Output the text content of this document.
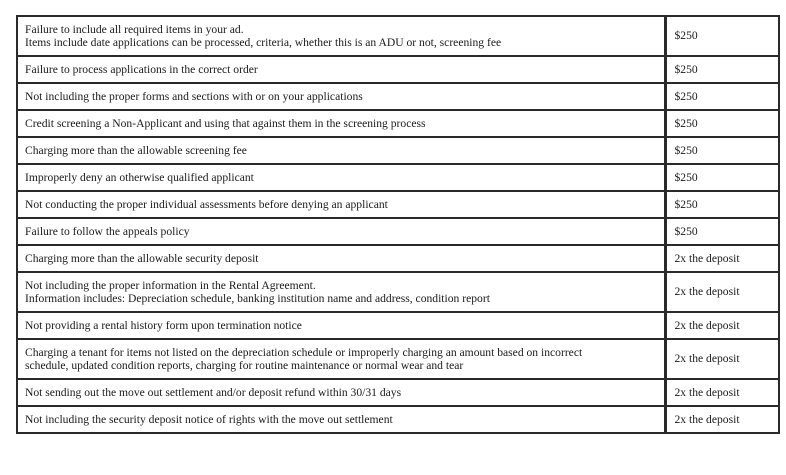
Failure to include all required items in your ad.
Items include date applications can be processed, criteria, whether this is an ADU or not, screening fee	$250

Failure to process applications in the correct order	$250

Not including the proper forms and sections with or on your applications	$250

Credit screening a Non-Applicant and using that against them in the screening process	$250

Charging more than the allowable screening fee	$250

Improperly deny an otherwise qualified applicant	$250

Not conducting the proper individual assessments before denying an applicant	$250

Failure to follow the appeals policy	$250

Charging more than the allowable security deposit	2x the deposit

Not including the proper information in the Rental Agreement.
Information includes: Depreciation schedule, banking institution name and address, condition report	2x the deposit

Not providing a rental history form upon termination notice	2x the deposit

Charging a tenant for items not listed on the depreciation schedule or improperly charging an amount based on incorrect
schedule, updated condition reports, charging for routine maintenance or normal wear and tear	2x the deposit

Not sending out the move out settlement and/or deposit refund within 30/31 days	2x the deposit

Not including the security deposit notice of rights with the move out settlement	2x the deposit
